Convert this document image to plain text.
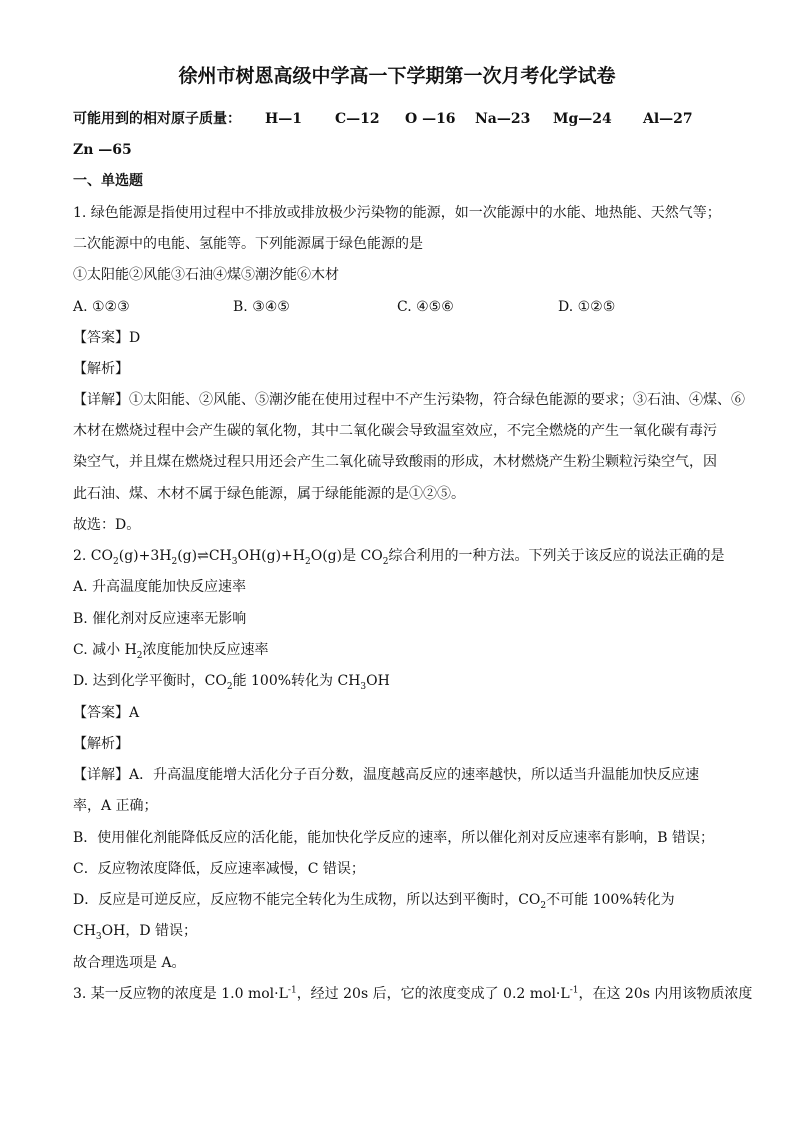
徐州市树恩高级中学高一下学期第一次月考化学试卷
可能用到的相对原子质量： H—1 C—12 O —16 Na—23 Mg—24 Al—27
Zn —65
一、单选题
1. 绿色能源是指使用过程中不排放或排放极少污染物的能源，如一次能源中的水能、地热能、天然气等；
二次能源中的电能、氢能等。下列能源属于绿色能源的是
①太阳能②风能③石油④煤⑤潮汐能⑥木材
A. ①②③	B. ③④⑤	C. ④⑤⑥	D. ①②⑤
【答案】D
【解析】
【详解】①太阳能、②风能、⑤潮汐能在使用过程中不产生污染物，符合绿色能源的要求；③石油、④煤、⑥
木材在燃烧过程中会产生碳的氧化物，其中二氧化碳会导致温室效应，不完全燃烧的产生一氧化碳有毒污
染空气，并且煤在燃烧过程只用还会产生二氧化硫导致酸雨的形成，木材燃烧产生粉尘颗粒污染空气，因
此石油、煤、木材不属于绿色能源，属于绿能能源的是①②⑤。
故选：D。
2. $CO_2(g)+3H_2(g)\rightleftharpoons CH_3OH(g)+H_2O(g)$是 $CO_2$综合利用的一种方法。下列关于该反应的说法正确的是
A. 升高温度能加快反应速率
B. 催化剂对反应速率无影响
C. 减小 $H_2$浓度能加快反应速率
D. 达到化学平衡时，$CO_2$能 100%转化为 $CH_3OH$
【答案】A
【解析】
【详解】A．升高温度能增大活化分子百分数，温度越高反应的速率越快，所以适当升温能加快反应速
率，A 正确；
B．使用催化剂能降低反应的活化能，能加快化学反应的速率，所以催化剂对反应速率有影响，B 错误；
C．反应物浓度降低，反应速率减慢，C 错误；
D．反应是可逆反应，反应物不能完全转化为生成物，所以达到平衡时，$CO_2$不可能 100%转化为
$CH_3OH$，D 错误；
故合理选项是 A。
3. 某一反应物的浓度是 1.0 $mol\cdot L^{-1}$，经过 20s 后，它的浓度变成了 0.2 $mol\cdot L^{-1}$，在这 20s 内用该物质浓度
